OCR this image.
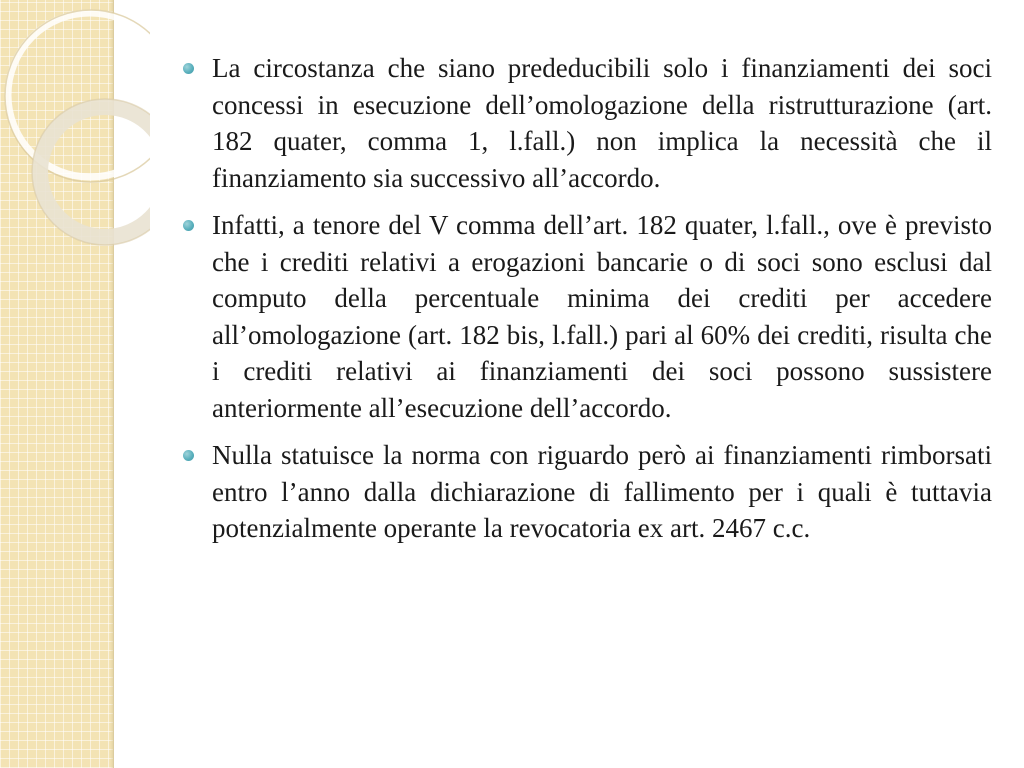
La circostanza che siano prededucibili solo i finanziamenti dei soci concessi in esecuzione dell’omologazione della ristrutturazione (art. 182 quater, comma 1, l.fall.) non implica la necessità che il finanziamento sia successivo all’accordo.
Infatti, a tenore del V comma dell’art. 182 quater, l.fall., ove è previsto che i crediti relativi a erogazioni bancarie o di soci sono esclusi dal computo della percentuale minima dei crediti per accedere all’omologazione (art. 182 bis, l.fall.) pari al 60% dei crediti, risulta che i crediti relativi ai finanziamenti dei soci possono sussistere anteriormente all’esecuzione dell’accordo.
Nulla statuisce la norma con riguardo però ai finanziamenti rimborsati entro l’anno dalla dichiarazione di fallimento per i quali è tuttavia potenzialmente operante la revocatoria ex art. 2467 c.c.
